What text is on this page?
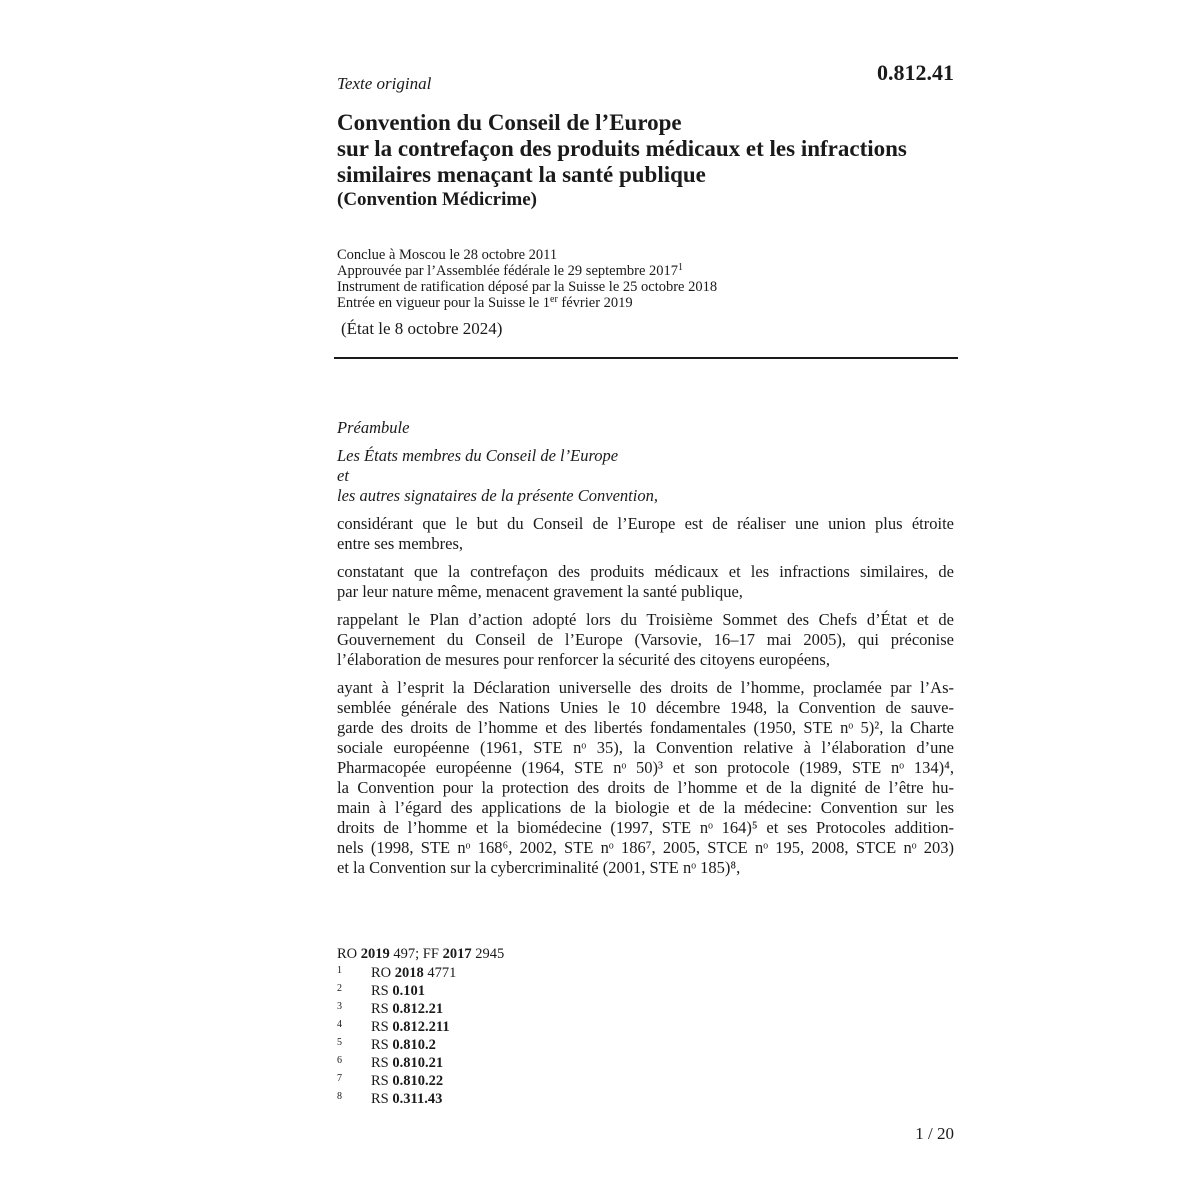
Texte original	0.812.41
Convention du Conseil de l’Europe
sur la contrefaçon des produits médicaux et les infractions
similaires menaçant la santé publique
(Convention Médicrime)
Conclue à Moscou le 28 octobre 2011
Approuvée par l’Assemblée fédérale le 29 septembre 2017$^1$
Instrument de ratification déposé par la Suisse le 25 octobre 2018
Entrée en vigueur pour la Suisse le 1er février 2019
(État le 8 octobre 2024)
Préambule
Les États membres du Conseil de l’Europe
et
les autres signataires de la présente Convention,
considérant que le but du Conseil de l’Europe est de réaliser une union plus étroite
entre ses membres,
constatant que la contrefaçon des produits médicaux et les infractions similaires, de
par leur nature même, menacent gravement la santé publique,
rappelant le Plan d’action adopté lors du Troisième Sommet des Chefs d’État et de
Gouvernement du Conseil de l’Europe (Varsovie, 16–17 mai 2005), qui préconise
l’élaboration de mesures pour renforcer la sécurité des citoyens européens,
ayant à l’esprit la Déclaration universelle des droits de l’homme, proclamée par l’As-
semblée générale des Nations Unies le 10 décembre 1948, la Convention de sauve-
garde des droits de l’homme et des libertés fondamentales (1950, STE nᵒ 5)², la Charte
sociale européenne (1961, STE nᵒ 35), la Convention relative à l’élaboration d’une
Pharmacopée européenne (1964, STE nᵒ 50)³ et son protocole (1989, STE nᵒ 134)⁴,
la Convention pour la protection des droits de l’homme et de la dignité de l’être hu-
main à l’égard des applications de la biologie et de la médecine: Convention sur les
droits de l’homme et la biomédecine (1997, STE nᵒ 164)⁵ et ses Protocoles addition-
nels (1998, STE nᵒ 168⁶, 2002, STE nᵒ 186⁷, 2005, STCE nᵒ 195, 2008, STCE nᵒ 203)
et la Convention sur la cybercriminalité (2001, STE nᵒ 185)⁸,
RO 2019 497; FF 2017 2945
1 RO 2018 4771
2 RS 0.101
3 RS 0.812.21
4 RS 0.812.211
5 RS 0.810.2
6 RS 0.810.21
7 RS 0.810.22
8 RS 0.311.43
1 / 20
